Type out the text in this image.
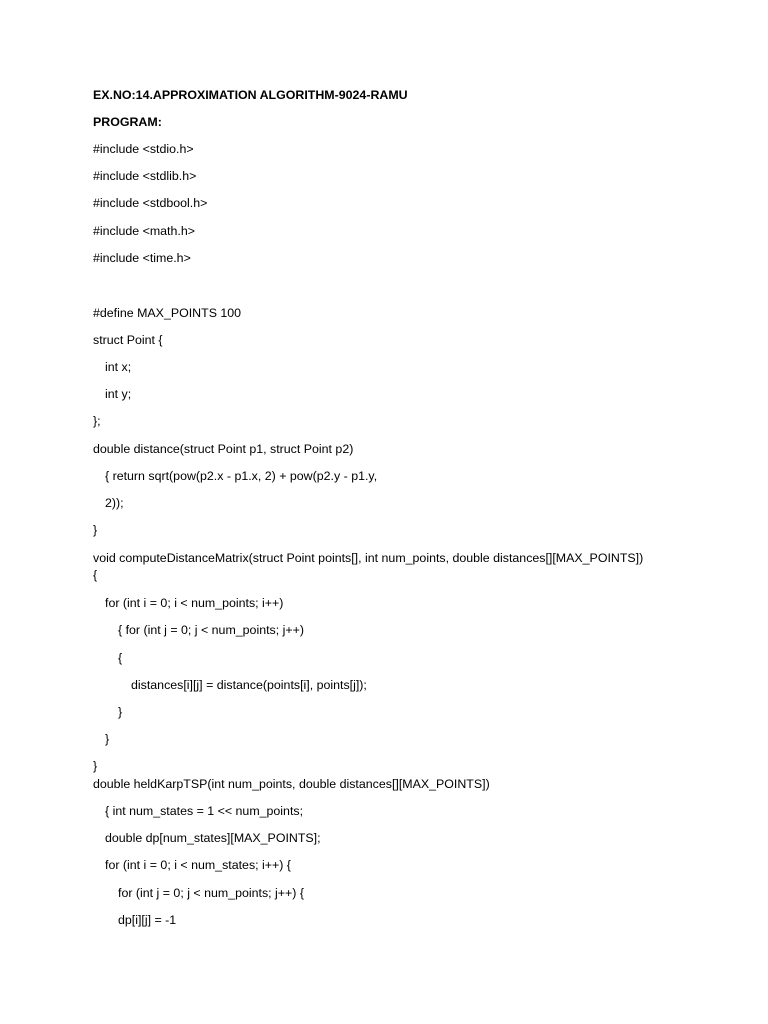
EX.NO:14.APPROXIMATION ALGORITHM-9024-RAMU
PROGRAM:
#include <stdio.h>
#include <stdlib.h>
#include <stdbool.h>
#include <math.h>
#include <time.h>
#define MAX_POINTS 100
struct Point {
int x;
int y;
};
double distance(struct Point p1, struct Point p2)
{ return sqrt(pow(p2.x - p1.x, 2) + pow(p2.y - p1.y,
2));
}
void computeDistanceMatrix(struct Point points[], int num_points, double distances[][MAX_POINTS])
{
for (int i = 0; i < num_points; i++)
{ for (int j = 0; j < num_points; j++)
{
distances[i][j] = distance(points[i], points[j]);
}
}
}
double heldKarpTSP(int num_points, double distances[][MAX_POINTS])
{ int num_states = 1 << num_points;
double dp[num_states][MAX_POINTS];
for (int i = 0; i < num_states; i++) {
for (int j = 0; j < num_points; j++) {
dp[i][j] = -1
